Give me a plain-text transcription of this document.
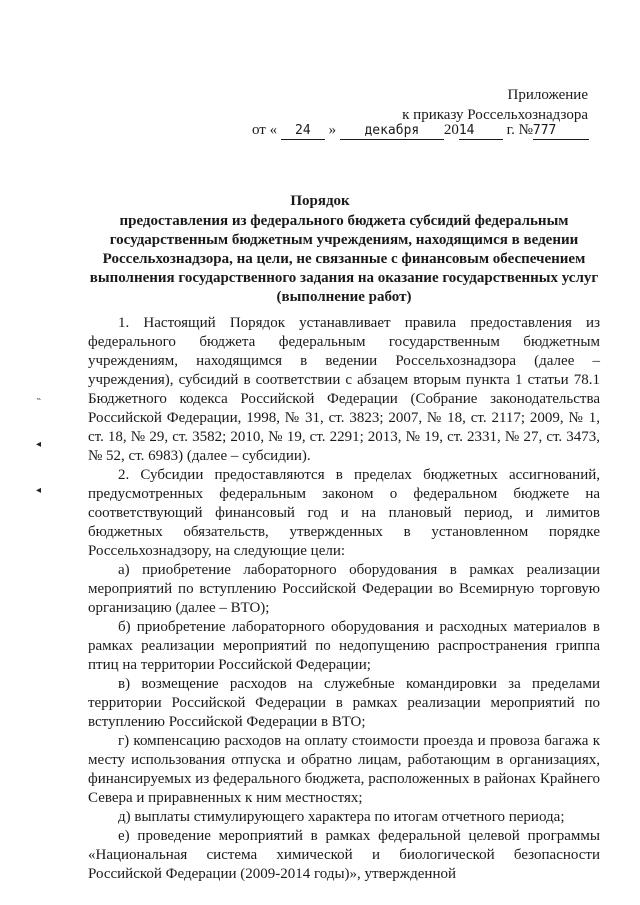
Приложение
к приказу Россельхознадзора
от « 24 » декабря 2014 г. №777
Порядок
предоставления из федерального бюджета субсидий федеральным государственным бюджетным учреждениям, находящимся в ведении Россельхознадзора, на цели, не связанные с финансовым обеспечением выполнения государственного задания на оказание государственных услуг (выполнение работ)

1. Настоящий Порядок устанавливает правила предоставления из федерального бюджета федеральным государственным бюджетным учреждениям, находящимся в ведении Россельхознадзора (далее – учреждения), субсидий в соответствии с абзацем вторым пункта 1 статьи 78.1 Бюджетного кодекса Российской Федерации (Собрание законодательства Российской Федерации, 1998, № 31, ст. 3823; 2007, № 18, ст. 2117; 2009, № 1, ст. 18, № 29, ст. 3582; 2010, № 19, ст. 2291; 2013, № 19, ст. 2331, № 27, ст. 3473, № 52, ст. 6983) (далее – субсидии).

2. Субсидии предоставляются в пределах бюджетных ассигнований, предусмотренных федеральным законом о федеральном бюджете на соответствующий финансовый год и на плановый период, и лимитов бюджетных обязательств, утвержденных в установленном порядке Россельхознадзору, на следующие цели:

а) приобретение лабораторного оборудования в рамках реализации мероприятий по вступлению Российской Федерации во Всемирную торговую организацию (далее – ВТО);

б) приобретение лабораторного оборудования и расходных материалов в рамках реализации мероприятий по недопущению распространения гриппа птиц на территории Российской Федерации;

в) возмещение расходов на служебные командировки за пределами территории Российской Федерации в рамках реализации мероприятий по вступлению Российской Федерации в ВТО;

г) компенсацию расходов на оплату стоимости проезда и провоза багажа к месту использования отпуска и обратно лицам, работающим в организациях, финансируемых из федерального бюджета, расположенных в районах Крайнего Севера и приравненных к ним местностях;

д) выплаты стимулирующего характера по итогам отчетного периода;

е) проведение мероприятий в рамках федеральной целевой программы «Национальная система химической и биологической безопасности Российской Федерации (2009-2014 годы)», утвержденной

˵
◂
◂
